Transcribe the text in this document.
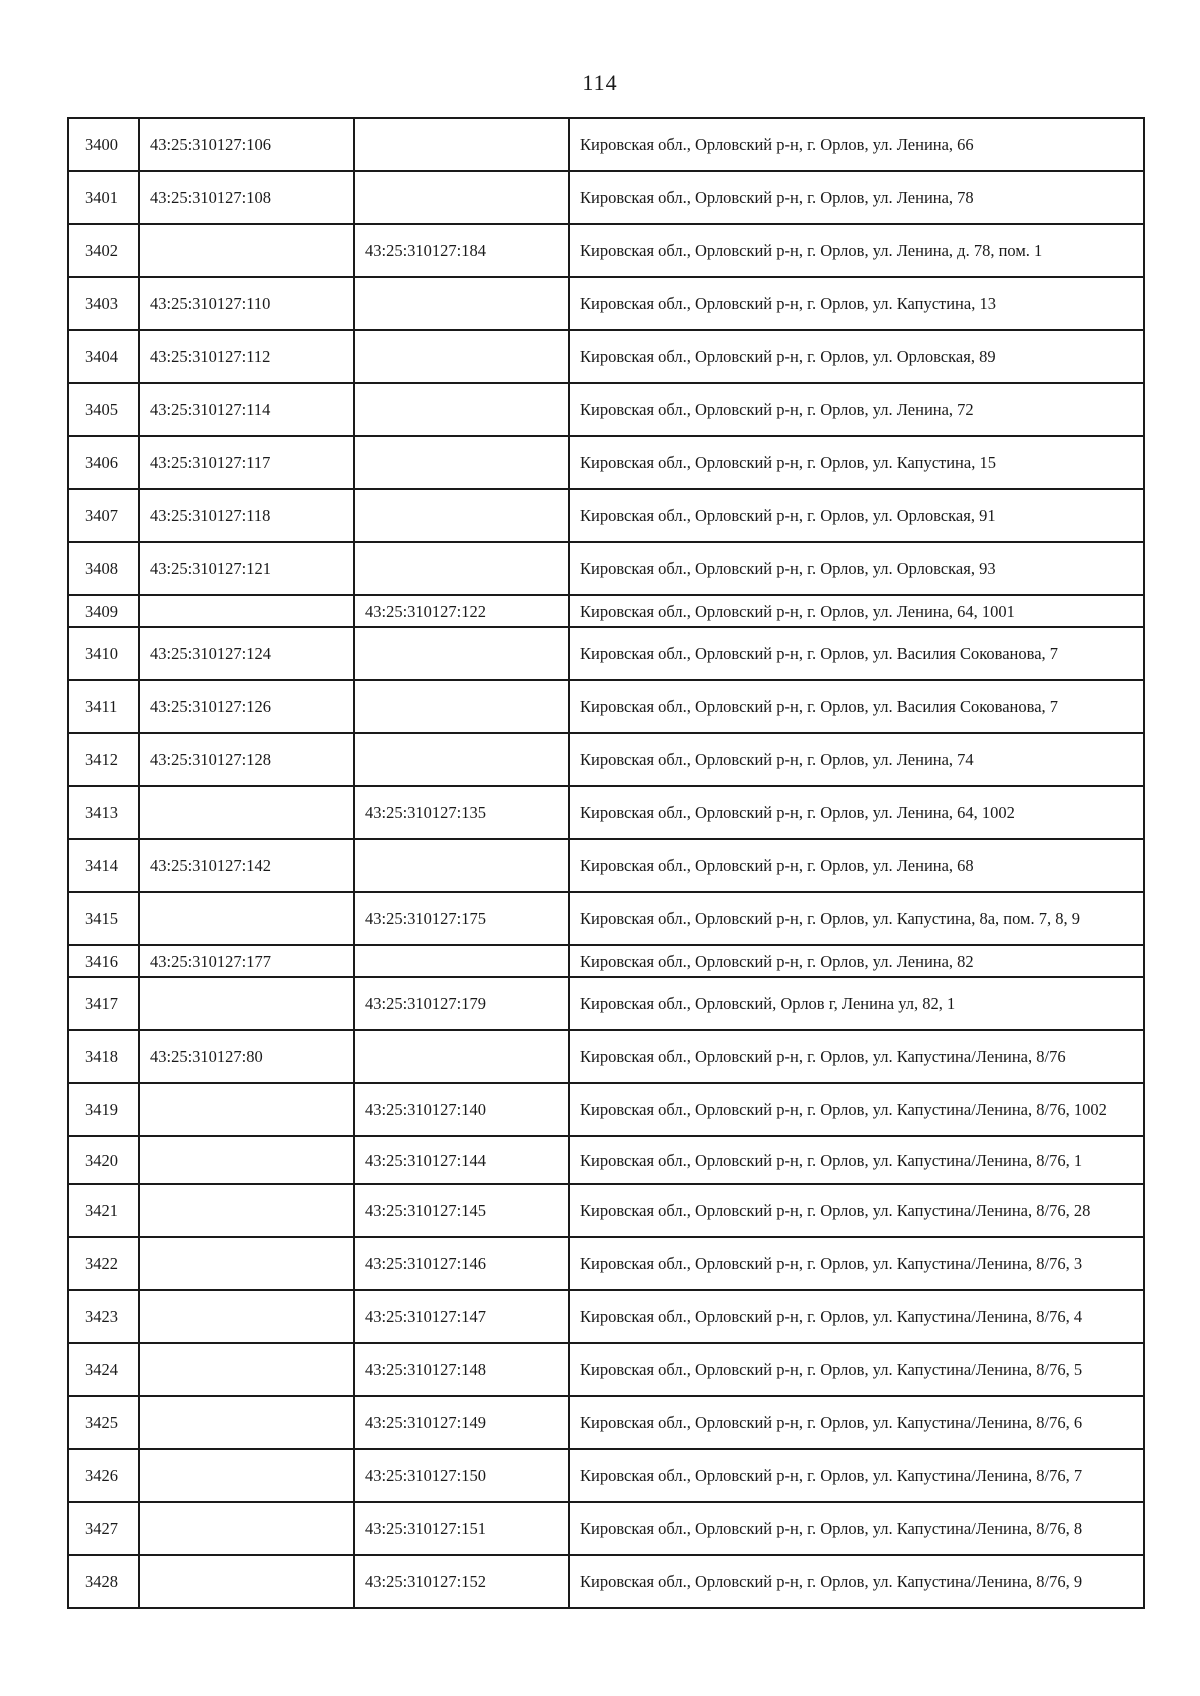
114
3400	43:25:310127:106		Кировская обл., Орловский р-н, г. Орлов, ул. Ленина, 66
3401	43:25:310127:108		Кировская обл., Орловский р-н, г. Орлов, ул. Ленина, 78
3402		43:25:310127:184	Кировская обл., Орловский р-н, г. Орлов, ул. Ленина, д. 78, пом. 1
3403	43:25:310127:110		Кировская обл., Орловский р-н, г. Орлов, ул. Капустина, 13
3404	43:25:310127:112		Кировская обл., Орловский р-н, г. Орлов, ул. Орловская, 89
3405	43:25:310127:114		Кировская обл., Орловский р-н, г. Орлов, ул. Ленина, 72
3406	43:25:310127:117		Кировская обл., Орловский р-н, г. Орлов, ул. Капустина, 15
3407	43:25:310127:118		Кировская обл., Орловский р-н, г. Орлов, ул. Орловская, 91
3408	43:25:310127:121		Кировская обл., Орловский р-н, г. Орлов, ул. Орловская, 93
3409		43:25:310127:122	Кировская обл., Орловский р-н, г. Орлов, ул. Ленина, 64, 1001
3410	43:25:310127:124		Кировская обл., Орловский р-н, г. Орлов, ул. Василия Сокованова, 7
3411	43:25:310127:126		Кировская обл., Орловский р-н, г. Орлов, ул. Василия Сокованова, 7
3412	43:25:310127:128		Кировская обл., Орловский р-н, г. Орлов, ул. Ленина, 74
3413		43:25:310127:135	Кировская обл., Орловский р-н, г. Орлов, ул. Ленина, 64, 1002
3414	43:25:310127:142		Кировская обл., Орловский р-н, г. Орлов, ул. Ленина, 68
3415		43:25:310127:175	Кировская обл., Орловский р-н, г. Орлов, ул. Капустина, 8а, пом. 7, 8, 9
3416	43:25:310127:177		Кировская обл., Орловский р-н, г. Орлов, ул. Ленина, 82
3417		43:25:310127:179	Кировская обл., Орловский, Орлов г, Ленина ул, 82, 1
3418	43:25:310127:80		Кировская обл., Орловский р-н, г. Орлов, ул. Капустина/Ленина, 8/76
3419		43:25:310127:140	Кировская обл., Орловский р-н, г. Орлов, ул. Капустина/Ленина, 8/76, 1002
3420		43:25:310127:144	Кировская обл., Орловский р-н, г. Орлов, ул. Капустина/Ленина, 8/76, 1
3421		43:25:310127:145	Кировская обл., Орловский р-н, г. Орлов, ул. Капустина/Ленина, 8/76, 28
3422		43:25:310127:146	Кировская обл., Орловский р-н, г. Орлов, ул. Капустина/Ленина, 8/76, 3
3423		43:25:310127:147	Кировская обл., Орловский р-н, г. Орлов, ул. Капустина/Ленина, 8/76, 4
3424		43:25:310127:148	Кировская обл., Орловский р-н, г. Орлов, ул. Капустина/Ленина, 8/76, 5
3425		43:25:310127:149	Кировская обл., Орловский р-н, г. Орлов, ул. Капустина/Ленина, 8/76, 6
3426		43:25:310127:150	Кировская обл., Орловский р-н, г. Орлов, ул. Капустина/Ленина, 8/76, 7
3427		43:25:310127:151	Кировская обл., Орловский р-н, г. Орлов, ул. Капустина/Ленина, 8/76, 8
3428		43:25:310127:152	Кировская обл., Орловский р-н, г. Орлов, ул. Капустина/Ленина, 8/76, 9
